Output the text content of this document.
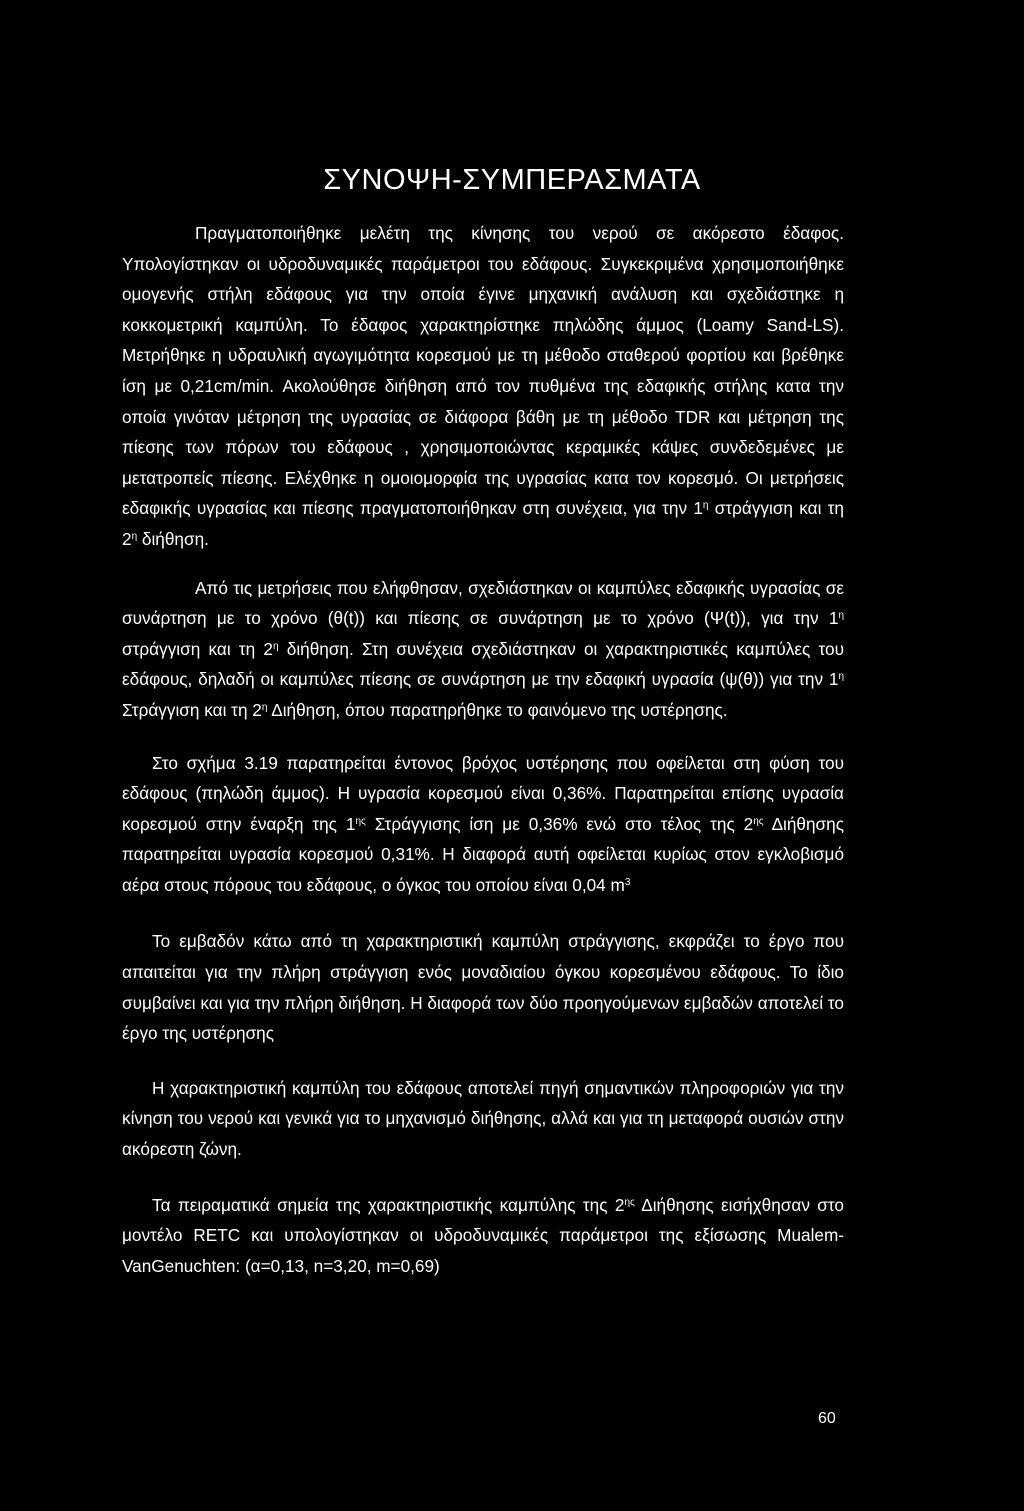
ΣΥΝΟΨΗ-ΣΥΜΠΕΡΑΣΜΑΤΑ

Πραγματοποιήθηκε μελέτη της κίνησης του νερού σε ακόρεστο έδαφος. Υπολογίστηκαν οι υδροδυναμικές παράμετροι του εδάφους. Συγκεκριμένα χρησιμοποιήθηκε ομογενής στήλη εδάφους για την οποία έγινε μηχανική ανάλυση και σχεδιάστηκε η κοκκομετρική καμπύλη. Το έδαφος χαρακτηρίστηκε πηλώδης άμμος (Loamy Sand-LS). Μετρήθηκε η υδραυλική αγωγιμότητα κορεσμού με τη μέθοδο σταθερού φορτίου και βρέθηκε ίση με 0,21cm/min. Ακολούθησε διήθηση από τον πυθμένα της εδαφικής στήλης κατα την οποία γινόταν μέτρηση της υγρασίας σε διάφορα βάθη με τη μέθοδο TDR και μέτρηση της πίεσης των πόρων του εδάφους , χρησιμοποιώντας κεραμικές κάψες συνδεδεμένες με μετατροπείς πίεσης. Ελέχθηκε η ομοιομορφία της υγρασίας κατα τον κορεσμό. Οι μετρήσεις εδαφικής υγρασίας και πίεσης πραγματοποιήθηκαν στη συνέχεια, για την $1^\eta$ στράγγιση και τη $2^\eta$ διήθηση.

Από τις μετρήσεις που ελήφθησαν, σχεδιάστηκαν οι καμπύλες εδαφικής υγρασίας σε συνάρτηση με το χρόνο (θ(t)) και πίεσης σε συνάρτηση με το χρόνο (Ψ(t)), για την $1^\eta$ στράγγιση και τη $2^\eta$ διήθηση. Στη συνέχεια σχεδιάστηκαν οι χαρακτηριστικές καμπύλες του εδάφους, δηλαδή οι καμπύλες πίεσης σε συνάρτηση με την εδαφική υγρασία (ψ(θ)) για την $1^\eta$ Στράγγιση και τη $2^\eta$ Διήθηση, όπου παρατηρήθηκε το φαινόμενο της υστέρησης.

Στο σχήμα 3.19 παρατηρείται έντονος βρόχος υστέρησης που οφείλεται στη φύση του εδάφους (πηλώδη άμμος). Η υγρασία κορεσμού είναι 0,36%. Παρατηρείται επίσης υγρασία κορεσμού στην έναρξη της $1^{\eta\varsigma}$ Στράγγισης ίση με 0,36% ενώ στο τέλος της $2^{\eta\varsigma}$ Διήθησης παρατηρείται υγρασία κορεσμού 0,31%. Η διαφορά αυτή οφείλεται κυρίως στον εγκλοβισμό αέρα στους πόρους του εδάφους, ο όγκος του οποίου είναι 0,04 $m^3$

Το εμβαδόν κάτω από τη χαρακτηριστική καμπύλη στράγγισης, εκφράζει το έργο που απαιτείται για την πλήρη στράγγιση ενός μοναδιαίου όγκου κορεσμένου εδάφους. Το ίδιο συμβαίνει και για την πλήρη διήθηση. Η διαφορά των δύο προηγούμενων εμβαδών αποτελεί το έργο της υστέρησης

Η χαρακτηριστική καμπύλη του εδάφους αποτελεί πηγή σημαντικών πληροφοριών για την κίνηση του νερού και γενικά για το μηχανισμό διήθησης, αλλά και για τη μεταφορά ουσιών στην ακόρεστη ζώνη.

Τα πειραματικά σημεία της χαρακτηριστικής καμπύλης της $2^{\eta\varsigma}$ Διήθησης εισήχθησαν στο μοντέλο RETC και υπολογίστηκαν οι υδροδυναμικές παράμετροι της εξίσωσης Mualem-VanGenuchten: (α=0,13, n=3,20, m=0,69)

60
